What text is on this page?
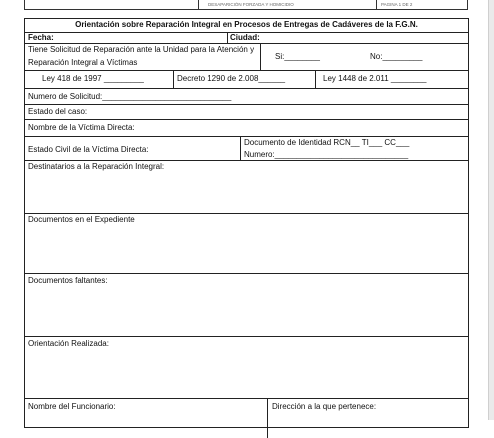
DESAPARICIÓN FORZADA Y HOMICIDIO	PAGINA 1 DE 2
Orientación sobre Reparación Integral en Procesos de Entregas de Cadáveres de la F.G.N.
Fecha:	Ciudad:
Tiene Solicitud de Reparación ante la Unidad para la Atención y
Reparación Integral a Víctimas
Si:________	No:_________
Ley 418 de 1997 _________	Decreto 1290 de 2.008______	Ley 1448 de 2.011 ________
Numero de Solicitud:_____________________________
Estado del caso:
Nombre de la Víctima Directa:
Estado Civil de la Víctima Directa:
Documento de Identidad RCN__ TI___ CC___
Numero:______________________________
Destinatarios a la Reparación Integral:
Documentos en el Expediente
Documentos faltantes:
Orientación Realizada:
Nombre del Funcionario:	Dirección a la que pertenece:
